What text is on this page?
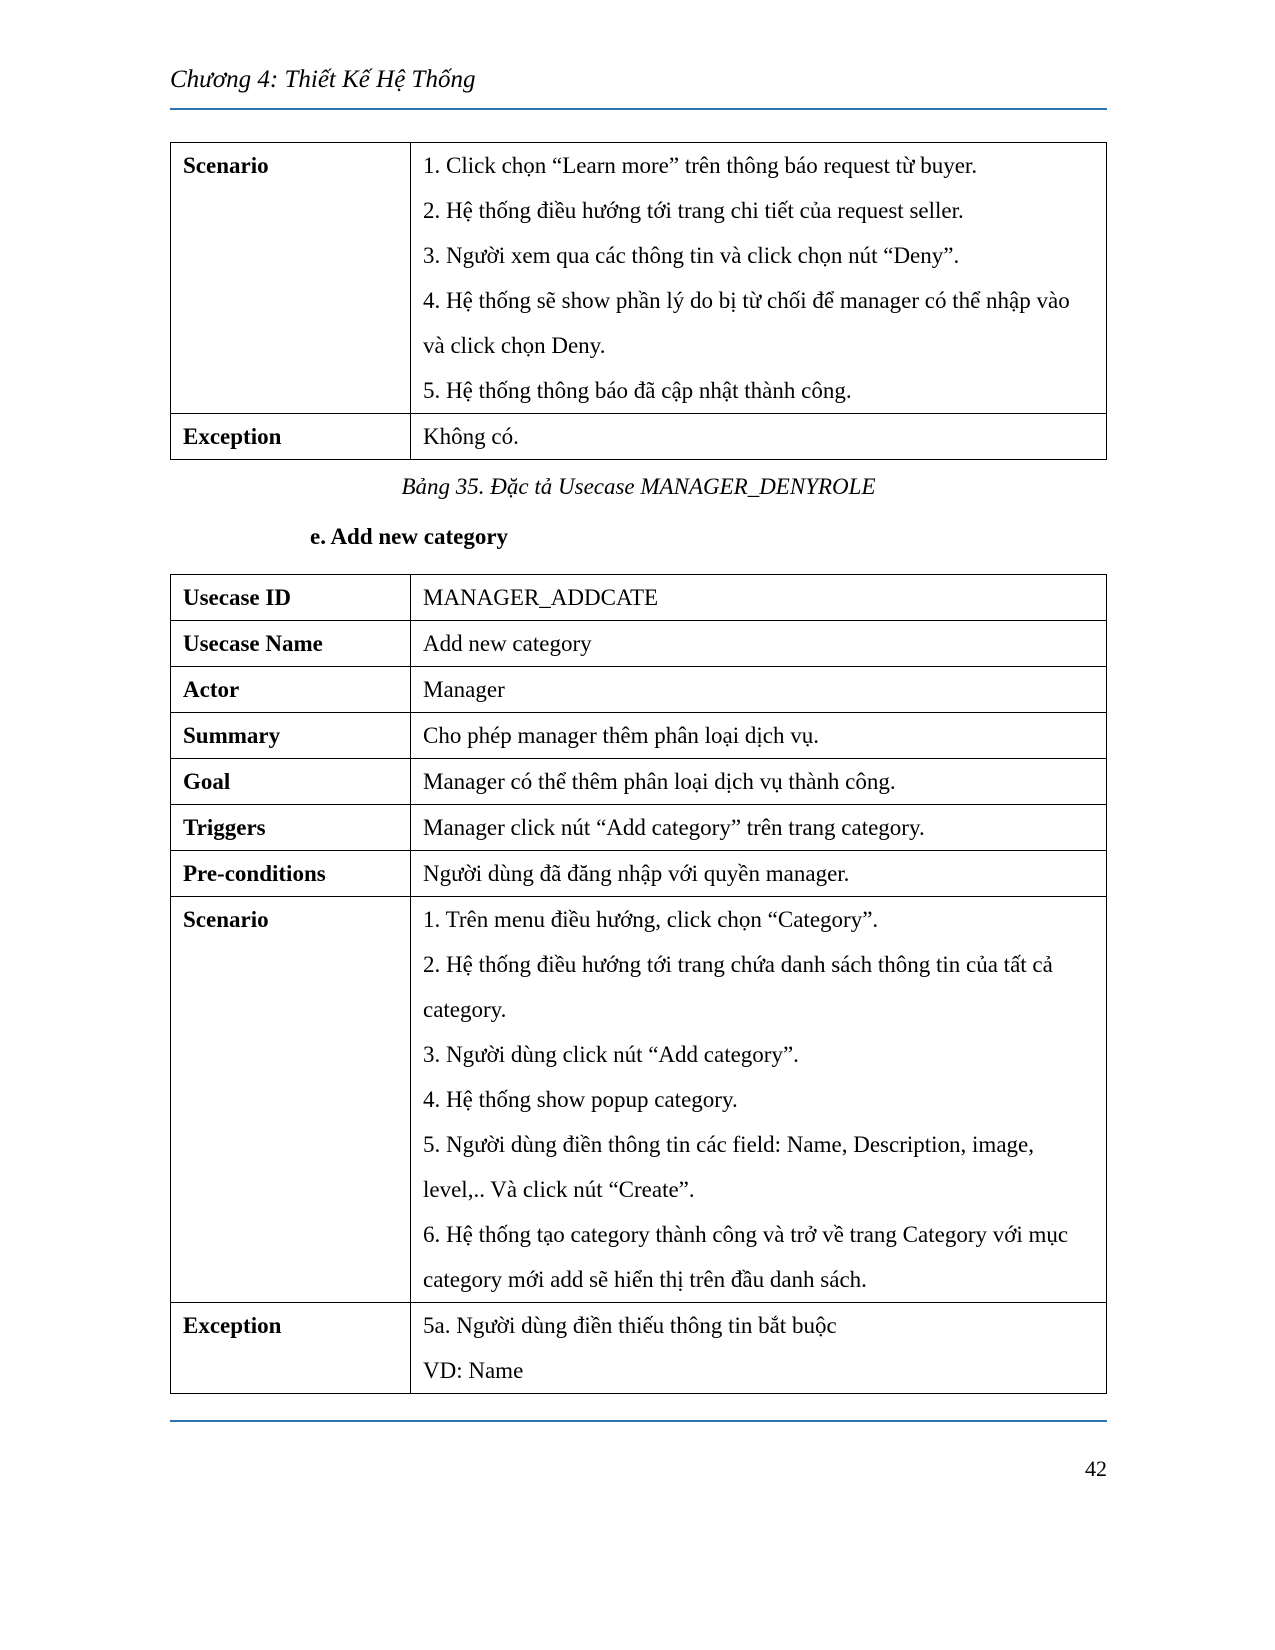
Chương 4: Thiết Kế Hệ Thống
Scenario	1. Click chọn “Learn more” trên thông báo request từ buyer.

2. Hệ thống điều hướng tới trang chi tiết của request seller.

3. Người xem qua các thông tin và click chọn nút “Deny”.

4. Hệ thống sẽ show phần lý do bị từ chối để manager có thể nhập vào và click chọn Deny.

5. Hệ thống thông báo đã cập nhật thành công.

Exception	Không có.

Bảng 35. Đặc tả Usecase MANAGER_DENYROLE
e. Add new category
Usecase ID	MANAGER_ADDCATE

Usecase Name	Add new category

Actor	Manager

Summary	Cho phép manager thêm phân loại dịch vụ.

Goal	Manager có thể thêm phân loại dịch vụ thành công.

Triggers	Manager click nút “Add category” trên trang category.

Pre-conditions	Người dùng đã đăng nhập với quyền manager.

Scenario	1. Trên menu điều hướng, click chọn “Category”.

2. Hệ thống điều hướng tới trang chứa danh sách thông tin của tất cả category.

3. Người dùng click nút “Add category”.

4. Hệ thống show popup category.

5. Người dùng điền thông tin các field: Name, Description, image, level,.. Và click nút “Create”.

6. Hệ thống tạo category thành công và trở về trang Category với mục category mới add sẽ hiển thị trên đầu danh sách.

Exception	5a. Người dùng điền thiếu thông tin bắt buộc

VD: Name

42
